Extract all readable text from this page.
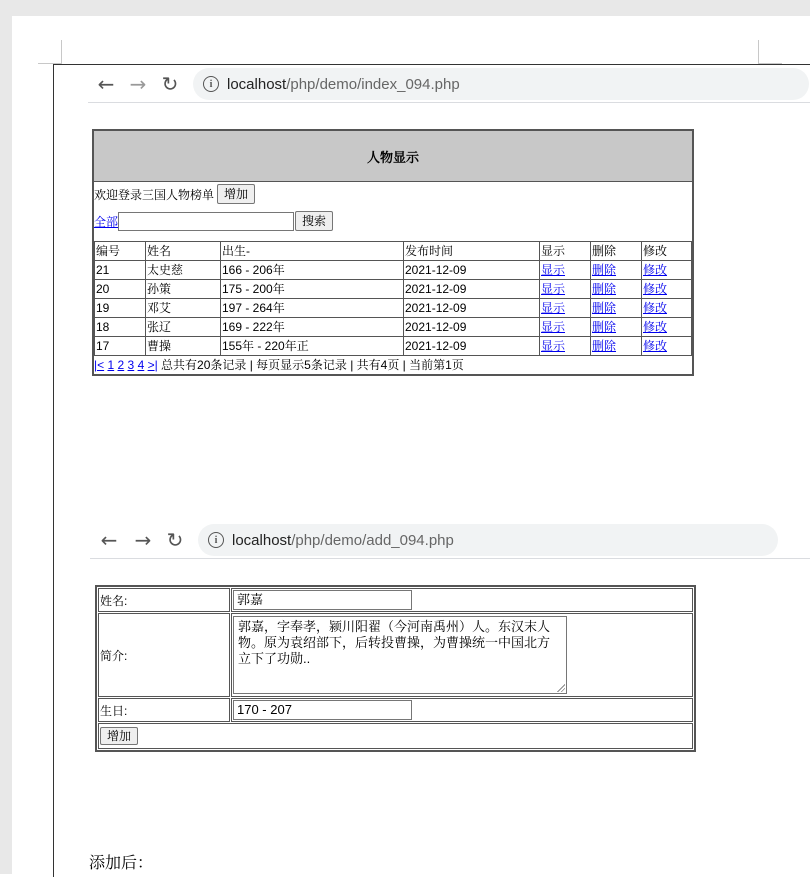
← → ↻	i localhost /php/demo/index_094.php
人物显示
欢迎登录三国人物榜单 增加
全部	搜索
编号	姓名	出生-	发布时间	显示	删除	修改
21	太史慈	166 - 206年	2021-12-09	显示	删除	修改
20	孙策	175 - 200年	2021-12-09	显示	删除	修改
19	邓艾	197 - 264年	2021-12-09	显示	删除	修改
18	张辽	169 - 222年	2021-12-09	显示	删除	修改
17	曹操	155年 - 220年正	2021-12-09	显示	删除	修改
|< 1 2 3 4 >| 总共有20条记录 | 每页显示5条记录 | 共有4页 | 当前第1页
← → ↻	i localhost /php/demo/add_094.php
姓名:	郭嘉

简介:	郭嘉，字奉孝，颍川阳翟（今河南禹州）人。东汉末人物。原为袁绍部下，后转投曹操，为曹操统一中国北方立下了功勋..

生日:	170 - 207

增加	
添加后：
